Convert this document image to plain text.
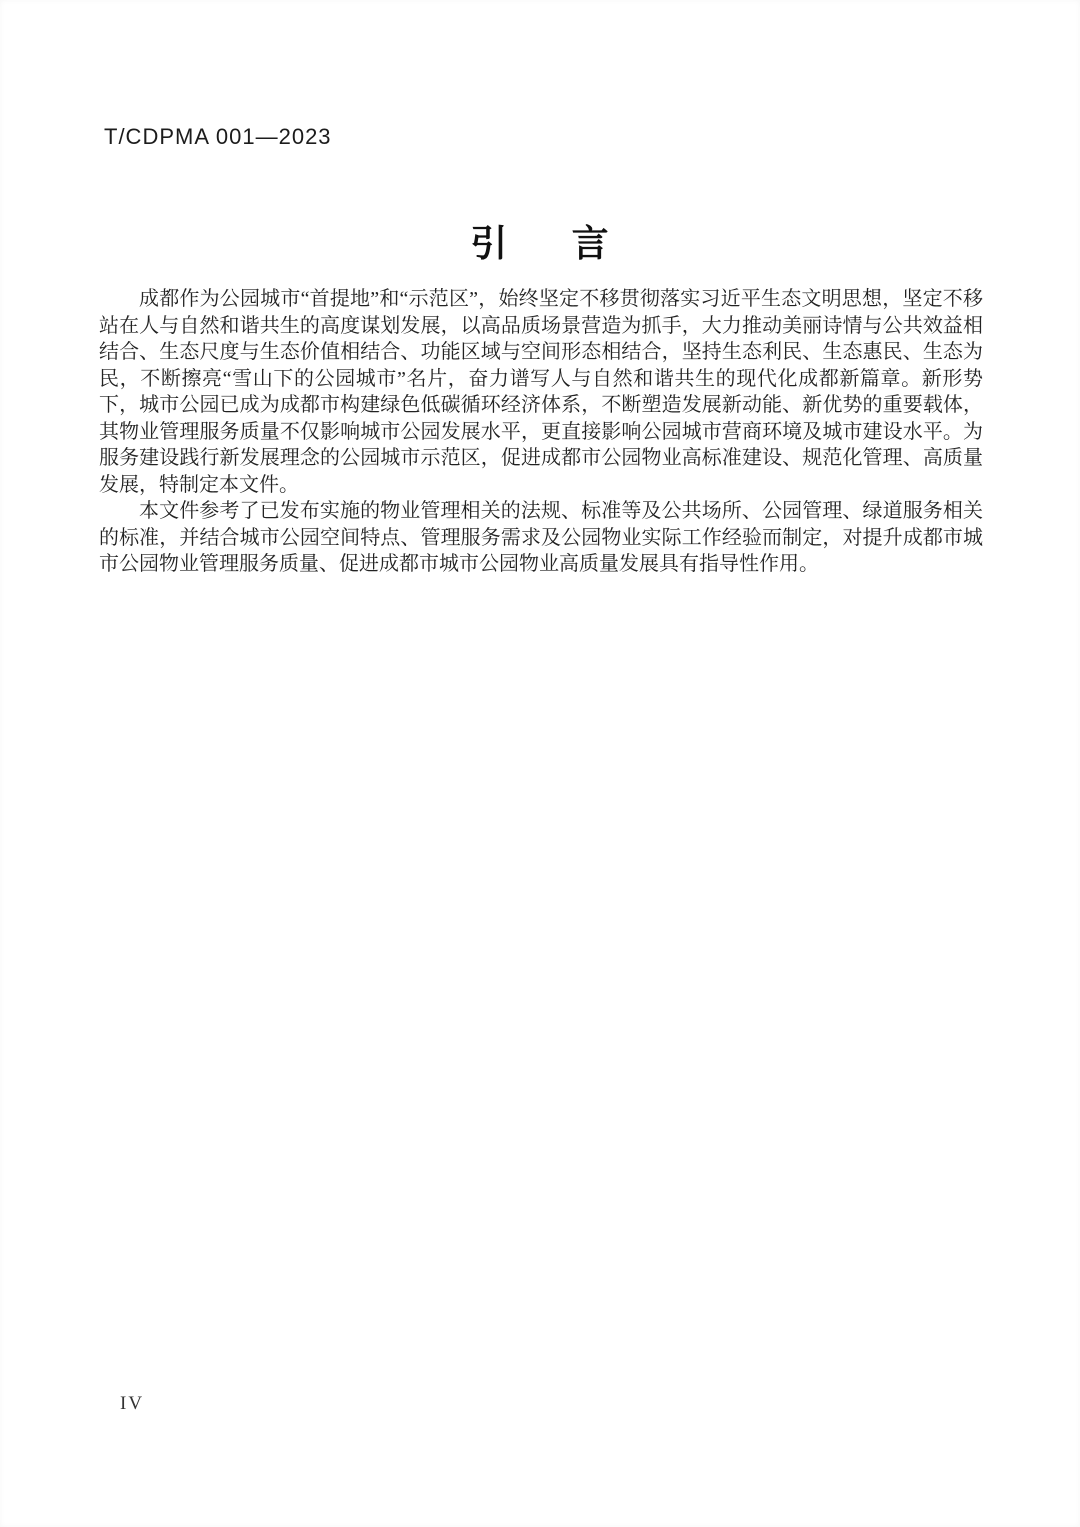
T/CDPMA 001—2023
引 言

成都作为公园城市“首提地”和“示范区”，始终坚定不移贯彻落实习近平生态文明思想，坚定不移站在人与自然和谐共生的高度谋划发展，以高品质场景营造为抓手，大力推动美丽诗情与公共效益相结合、生态尺度与生态价值相结合、功能区域与空间形态相结合，坚持生态利民、生态惠民、生态为民，不断擦亮“雪山下的公园城市”名片，奋力谱写人与自然和谐共生的现代化成都新篇章。新形势下，城市公园已成为成都市构建绿色低碳循环经济体系，不断塑造发展新动能、新优势的重要载体，其物业管理服务质量不仅影响城市公园发展水平，更直接影响公园城市营商环境及城市建设水平。为服务建设践行新发展理念的公园城市示范区，促进成都市公园物业高标准建设、规范化管理、高质量发展，特制定本文件。

本文件参考了已发布实施的物业管理相关的法规、标准等及公共场所、公园管理、绿道服务相关的标准，并结合城市公园空间特点、管理服务需求及公园物业实际工作经验而制定，对提升成都市城市公园物业管理服务质量、促进成都市城市公园物业高质量发展具有指导性作用。

IV
